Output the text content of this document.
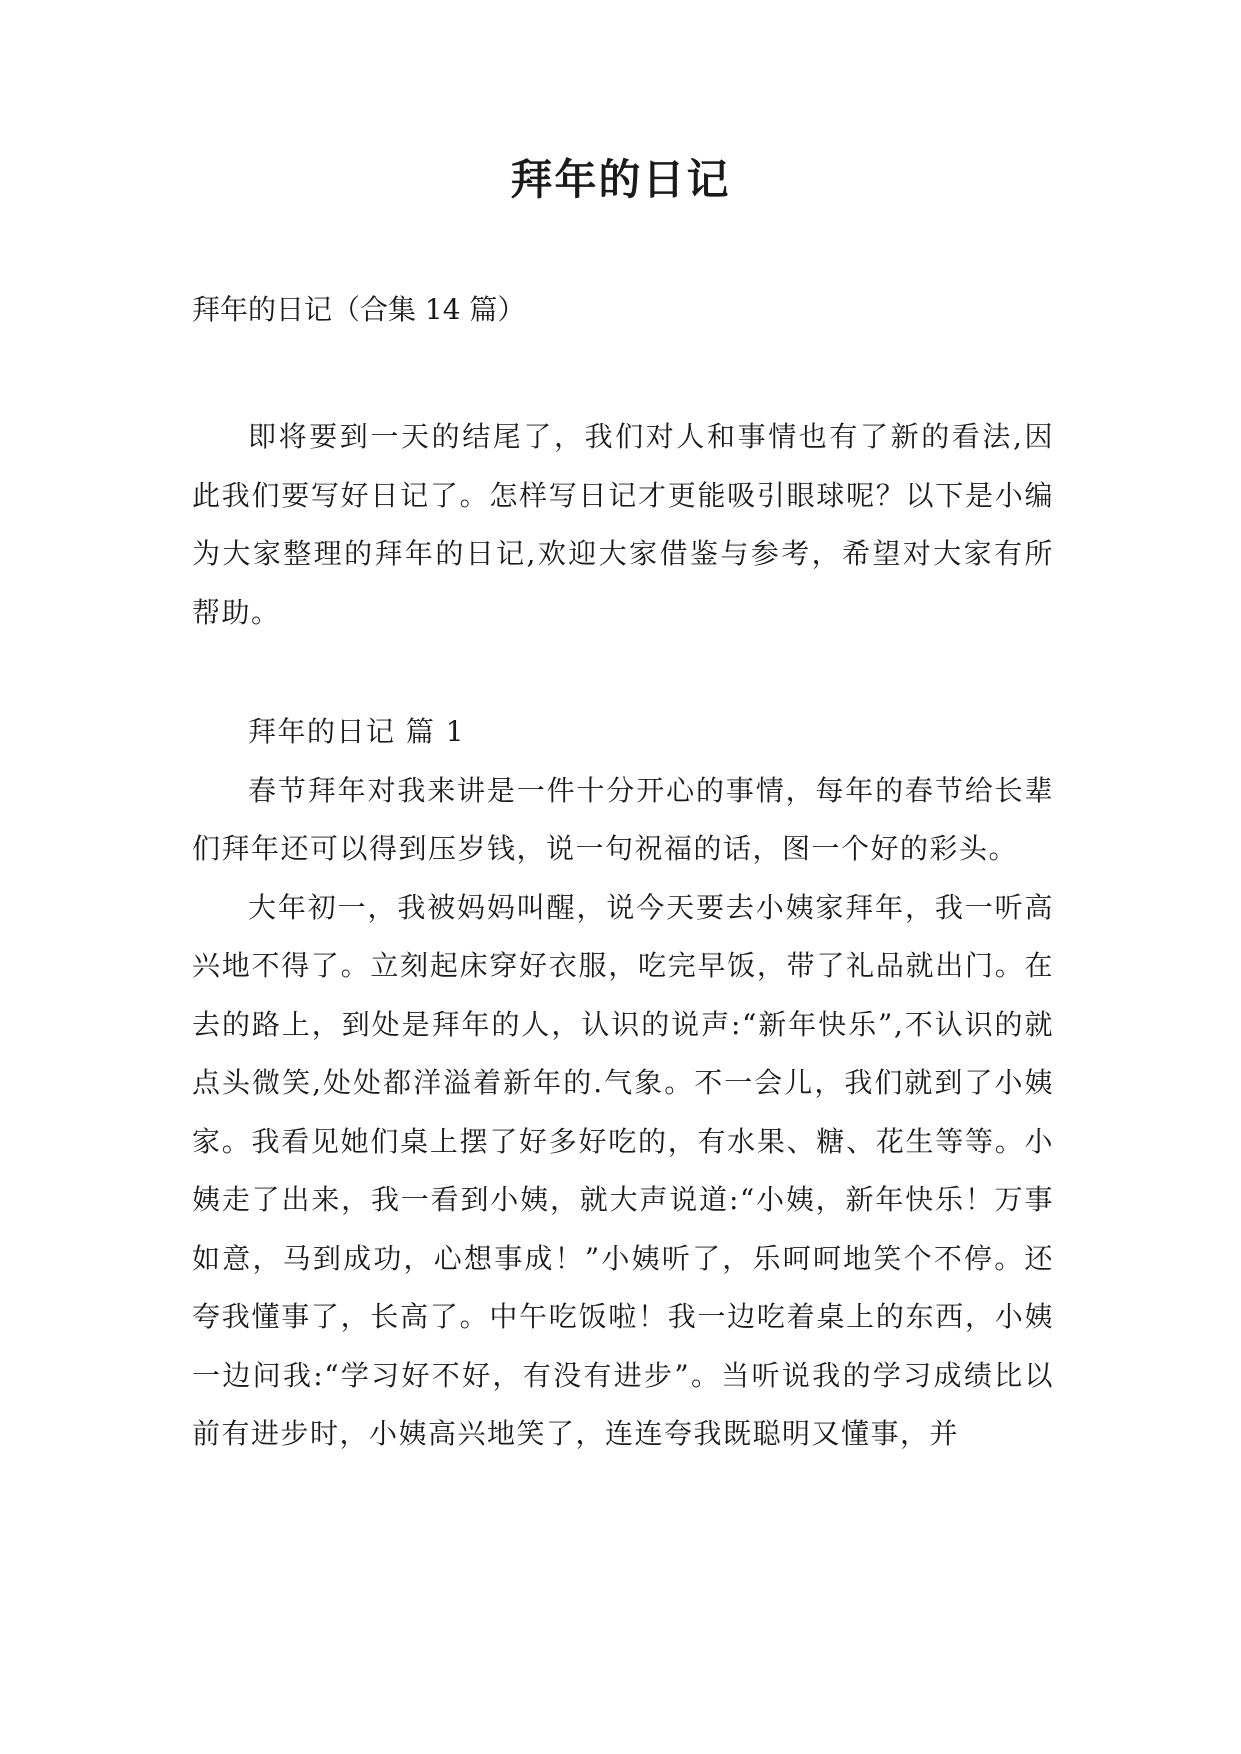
拜年的日记
拜年的日记（合集 14 篇）

即将要到一天的结尾了，我们对人和事情也有了新的看法,因此我们要写好日记了。怎样写日记才更能吸引眼球呢？以下是小编为大家整理的拜年的日记,欢迎大家借鉴与参考，希望对大家有所帮助。

拜年的日记 篇 1

春节拜年对我来讲是一件十分开心的事情，每年的春节给长辈们拜年还可以得到压岁钱，说一句祝福的话，图一个好的彩头。

大年初一，我被妈妈叫醒，说今天要去小姨家拜年，我一听高兴地不得了。立刻起床穿好衣服，吃完早饭，带了礼品就出门。在去的路上，到处是拜年的人，认识的说声:“新年快乐”,不认识的就点头微笑,处处都洋溢着新年的.气象。不一会儿，我们就到了小姨家。我看见她们桌上摆了好多好吃的，有水果、糖、花生等等。小姨走了出来，我一看到小姨，就大声说道:“小姨，新年快乐！万事如意，马到成功，心想事成！”小姨听了，乐呵呵地笑个不停。还夸我懂事了，长高了。中午吃饭啦！我一边吃着桌上的东西，小姨一边问我:“学习好不好，有没有进步”。当听说我的学习成绩比以前有进步时，小姨高兴地笑了，连连夸我既聪明又懂事，并
